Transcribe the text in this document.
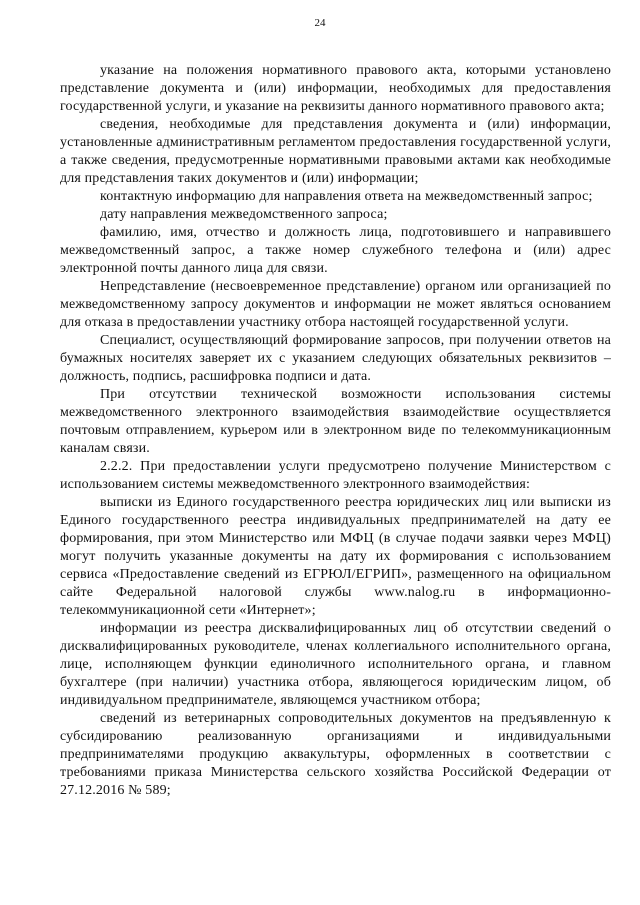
24

указание на положения нормативного правового акта, которыми установлено представление документа и (или) информации, необходимых для предоставления государственной услуги, и указание на реквизиты данного нормативного правового акта;

сведения, необходимые для представления документа и (или) информации, установленные административным регламентом предоставления государственной услуги, а также сведения, предусмотренные нормативными правовыми актами как необходимые для представления таких документов и (или) информации;

контактную информацию для направления ответа на межведомственный запрос;

дату направления межведомственного запроса;

фамилию, имя, отчество и должность лица, подготовившего и направившего межведомственный запрос, а также номер служебного телефона и (или) адрес электронной почты данного лица для связи.

Непредставление (несвоевременное представление) органом или организацией по межведомственному запросу документов и информации не может являться основанием для отказа в предоставлении участнику отбора настоящей государственной услуги.

Специалист, осуществляющий формирование запросов, при получении ответов на бумажных носителях заверяет их с указанием следующих обязательных реквизитов – должность, подпись, расшифровка подписи и дата.

При отсутствии технической возможности использования системы межведомственного электронного взаимодействия взаимодействие осуществляется почтовым отправлением, курьером или в электронном виде по телекоммуникационным каналам связи.

2.2.2. При предоставлении услуги предусмотрено получение Министерством с использованием системы межведомственного электронного взаимодействия:

выписки из Единого государственного реестра юридических лиц или выписки из Единого государственного реестра индивидуальных предпринимателей на дату ее формирования, при этом Министерство или МФЦ (в случае подачи заявки через МФЦ) могут получить указанные документы на дату их формирования с использованием сервиса «Предоставление сведений из ЕГРЮЛ/ЕГРИП», размещенного на официальном сайте Федеральной налоговой службы www.nalog.ru в информационно-телекоммуникационной сети «Интернет»;

информации из реестра дисквалифицированных лиц об отсутствии сведений о дисквалифицированных руководителе, членах коллегиального исполнительного органа, лице, исполняющем функции единоличного исполнительного органа, и главном бухгалтере (при наличии) участника отбора, являющегося юридическим лицом, об индивидуальном предпринимателе, являющемся участником отбора;

сведений из ветеринарных сопроводительных документов на предъявленную к субсидированию реализованную организациями и индивидуальными предпринимателями продукцию аквакультуры, оформленных в соответствии с требованиями приказа Министерства сельского хозяйства Российской Федерации от 27.12.2016 № 589;
